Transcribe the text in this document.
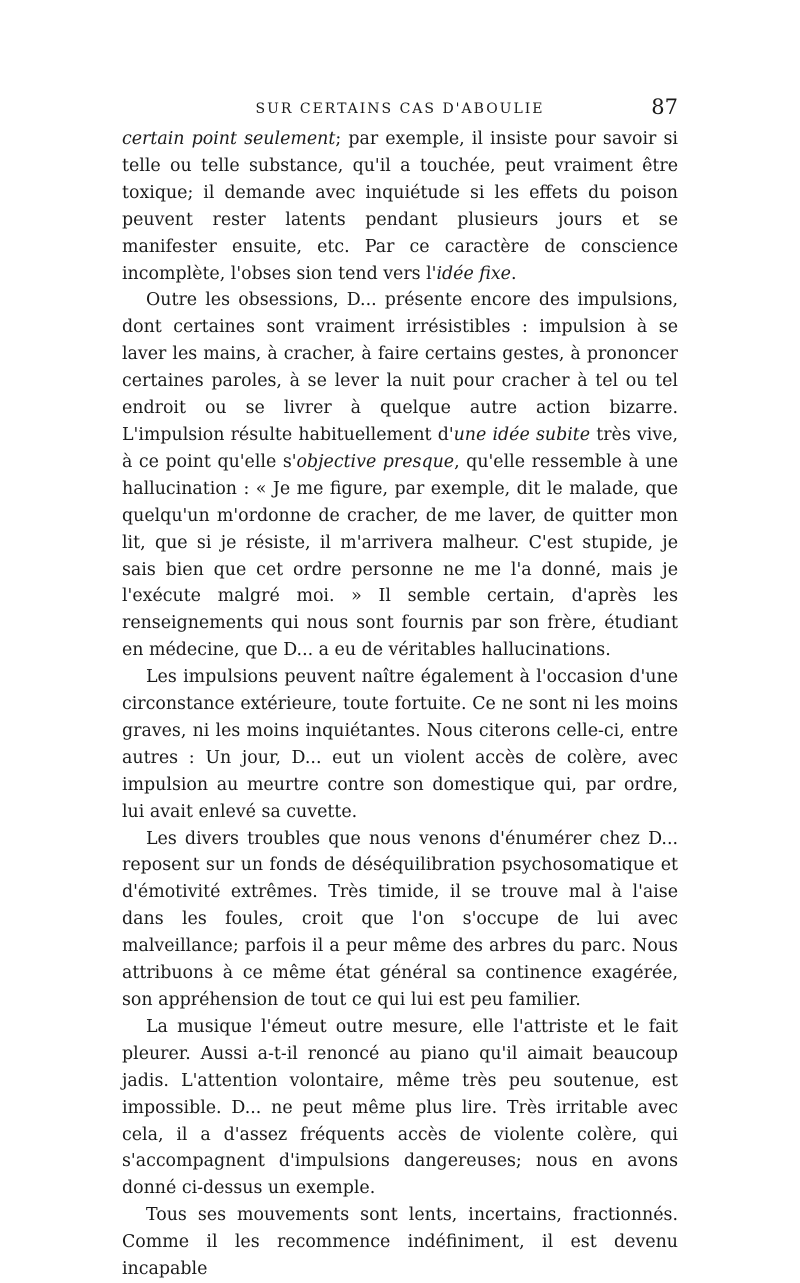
SUR CERTAINS CAS D'ABOULIE	87

certain point seulement; par exemple, il insiste pour savoir si telle ou telle substance, qu'il a touchée, peut vraiment être toxique; il demande avec inquiétude si les effets du poison peuvent rester latents pendant plusieurs jours et se manifester ensuite, etc. Par ce caractère de conscience incomplète, l'obses sion tend vers l'idée fixe.

Outre les obsessions, D... présente encore des impulsions, dont certaines sont vraiment irrésistibles : impulsion à se laver les mains, à cracher, à faire certains gestes, à prononcer certaines paroles, à se lever la nuit pour cracher à tel ou tel endroit ou se livrer à quelque autre action bizarre. L'impulsion résulte habituellement d'une idée subite très vive, à ce point qu'elle s'objective presque, qu'elle ressemble à une hallucination : « Je me figure, par exemple, dit le malade, que quelqu'un m'ordonne de cracher, de me laver, de quitter mon lit, que si je résiste, il m'arrivera malheur. C'est stupide, je sais bien que cet ordre personne ne me l'a donné, mais je l'exécute malgré moi. » Il semble certain, d'après les renseignements qui nous sont fournis par son frère, étudiant en médecine, que D... a eu de véritables hallucinations.

Les impulsions peuvent naître également à l'occasion d'une circonstance extérieure, toute fortuite. Ce ne sont ni les moins graves, ni les moins inquiétantes. Nous citerons celle-ci, entre autres : Un jour, D... eut un violent accès de colère, avec impulsion au meurtre contre son domestique qui, par ordre, lui avait enlevé sa cuvette.

Les divers troubles que nous venons d'énumérer chez D... reposent sur un fonds de déséquilibration psychosomatique et d'émotivité extrêmes. Très timide, il se trouve mal à l'aise dans les foules, croit que l'on s'occupe de lui avec malveillance; parfois il a peur même des arbres du parc. Nous attribuons à ce même état général sa continence exagérée, son appréhension de tout ce qui lui est peu familier.

La musique l'émeut outre mesure, elle l'attriste et le fait pleurer. Aussi a-t-il renoncé au piano qu'il aimait beaucoup jadis. L'attention volontaire, même très peu soutenue, est impossible. D... ne peut même plus lire. Très irritable avec cela, il a d'assez fréquents accès de violente colère, qui s'accompagnent d'impulsions dangereuses; nous en avons donné ci-dessus un exemple.

Tous ses mouvements sont lents, incertains, fractionnés. Comme il les recommence indéfiniment, il est devenu incapable
